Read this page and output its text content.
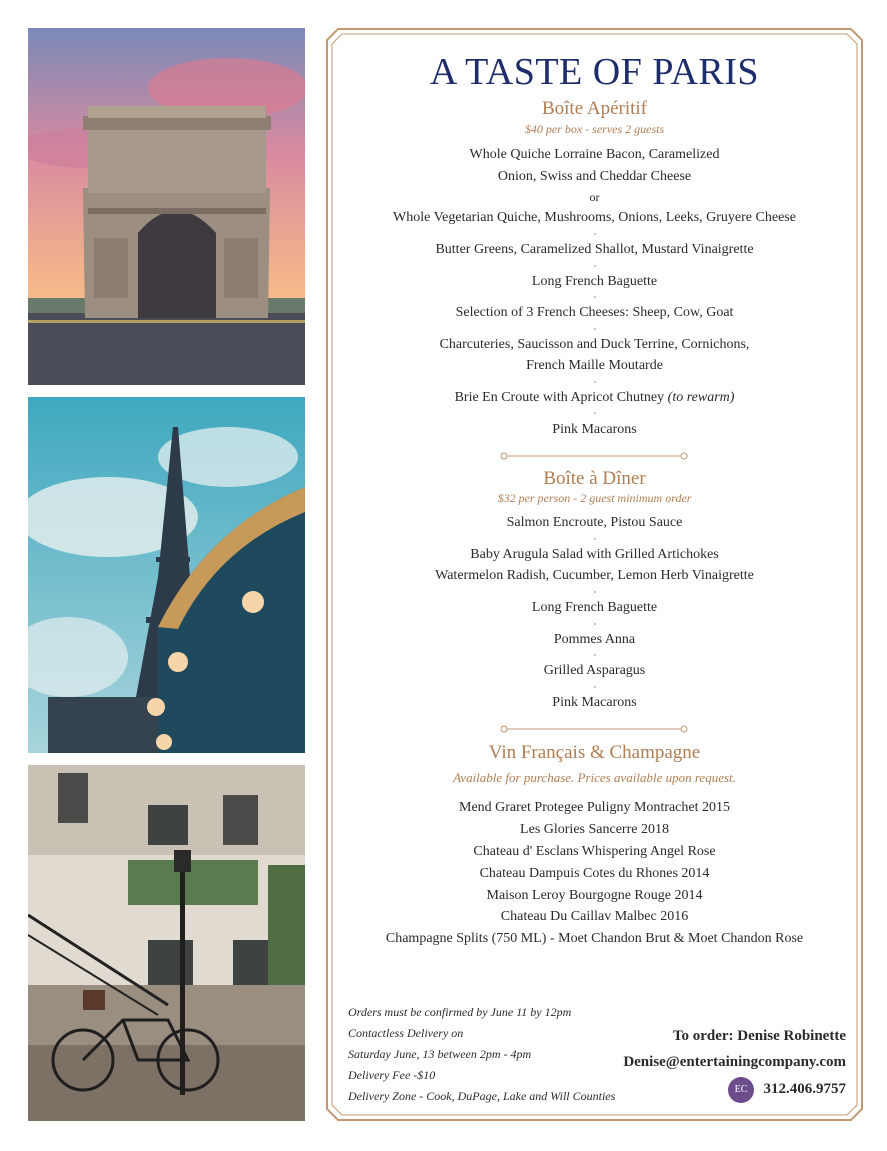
A TASTE OF PARIS
Boîte Apéritif
$40 per box - serves 2 guests
Whole Quiche Lorraine Bacon, Caramelized
Onion, Swiss and Cheddar Cheese
or
Whole Vegetarian Quiche, Mushrooms, Onions, Leeks, Gruyere Cheese
Butter Greens, Caramelized Shallot, Mustard Vinaigrette
Long French Baguette
Selection of 3 French Cheeses: Sheep, Cow, Goat
Charcuteries, Saucisson and Duck Terrine, Cornichons,
French Maille Moutarde
Brie En Croute with Apricot Chutney (to rewarm)
Pink Macarons
Boîte à Dîner
$32 per person - 2 guest minimum order
Salmon Encroute, Pistou Sauce
Baby Arugula Salad with Grilled Artichokes
Watermelon Radish, Cucumber, Lemon Herb Vinaigrette
Long French Baguette
Pommes Anna
Grilled Asparagus
Pink Macarons
Vin Français & Champagne
Available for purchase. Prices available upon request.
Mend Graret Protegee Puligny Montrachet 2015
Les Glories Sancerre 2018
Chateau d' Esclans Whispering Angel Rose
Chateau Dampuis Cotes du Rhones 2014
Maison Leroy Bourgogne Rouge 2014
Chateau Du Caillav Malbec 2016
Champagne Splits (750 ML) - Moet Chandon Brut & Moet Chandon Rose
Orders must be confirmed by June 11 by 12pm
Contactless Delivery on
Saturday June, 13 between 2pm - 4pm
Delivery Fee -$10
Delivery Zone - Cook, DuPage, Lake and Will Counties
To order: Denise Robinette
Denise@entertainingcompany.com
EC	312.406.9757
